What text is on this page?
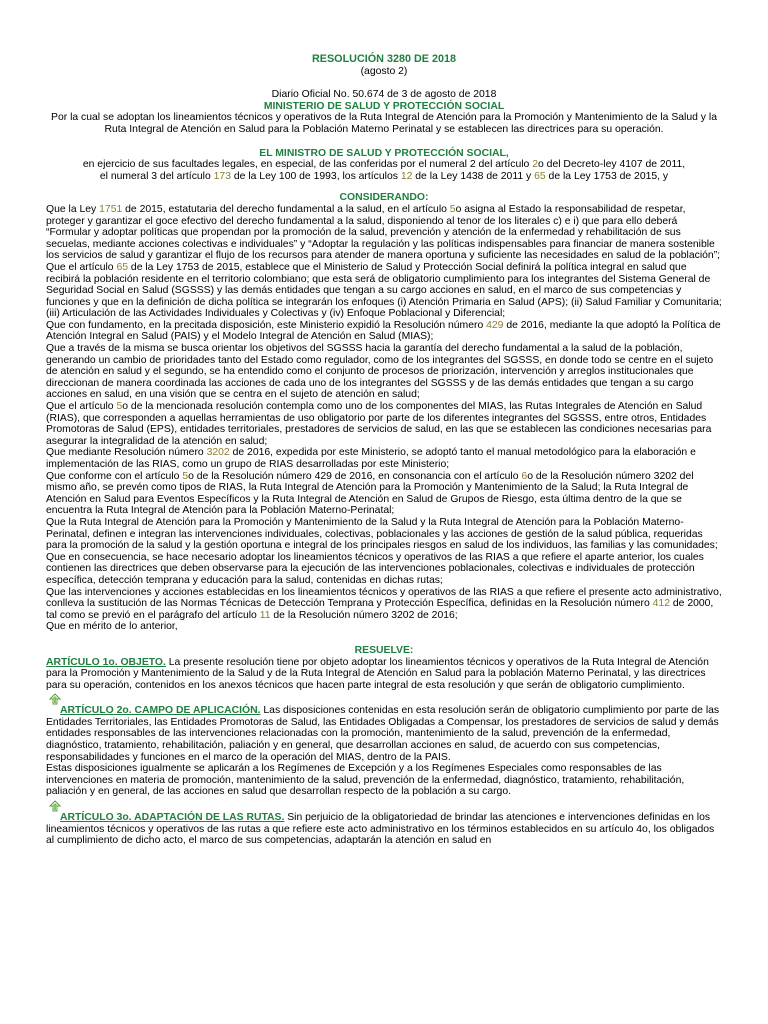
RESOLUCIÓN 3280 DE 2018
(agosto 2)
Diario Oficial No. 50.674 de 3 de agosto de 2018
MINISTERIO DE SALUD Y PROTECCIÓN SOCIAL

Por la cual se adoptan los lineamientos técnicos y operativos de la Ruta Integral de Atención para la Promoción y Mantenimiento de la Salud y la Ruta Integral de Atención en Salud para la Población Materno Perinatal y se establecen las directrices para su operación.

EL MINISTRO DE SALUD Y PROTECCIÓN SOCIAL,
en ejercicio de sus facultades legales, en especial, de las conferidas por el numeral 2 del artículo 2o del Decreto-ley 4107 de 2011,
el numeral 3 del artículo 173 de la Ley 100 de 1993, los artículos 12 de la Ley 1438 de 2011 y 65 de la Ley 1753 de 2015, y
CONSIDERANDO:

Que la Ley 1751 de 2015, estatutaria del derecho fundamental a la salud, en el artículo 5o asigna al Estado la responsabilidad de respetar, proteger y garantizar el goce efectivo del derecho fundamental a la salud, disponiendo al tenor de los literales c) e i) que para ello deberá “Formular y adoptar políticas que propendan por la promoción de la salud, prevención y atención de la enfermedad y rehabilitación de sus secuelas, mediante acciones colectivas e individuales” y “Adoptar la regulación y las políticas indispensables para financiar de manera sostenible los servicios de salud y garantizar el flujo de los recursos para atender de manera oportuna y suficiente las necesidades en salud de la población”;

Que el artículo 65 de la Ley 1753 de 2015, establece que el Ministerio de Salud y Protección Social definirá la política integral en salud que recibirá la población residente en el territorio colombiano; que esta será de obligatorio cumplimiento para los integrantes del Sistema General de Seguridad Social en Salud (SGSSS) y las demás entidades que tengan a su cargo acciones en salud, en el marco de sus competencias y funciones y que en la definición de dicha política se integrarán los enfoques (i) Atención Primaria en Salud (APS); (ii) Salud Familiar y Comunitaria; (iii) Articulación de las Actividades Individuales y Colectivas y (iv) Enfoque Poblacional y Diferencial;

Que con fundamento, en la precitada disposición, este Ministerio expidió la Resolución número 429 de 2016, mediante la que adoptó la Política de Atención Integral en Salud (PAIS) y el Modelo Integral de Atención en Salud (MIAS);

Que a través de la misma se busca orientar los objetivos del SGSSS hacia la garantía del derecho fundamental a la salud de la población, generando un cambio de prioridades tanto del Estado como regulador, como de los integrantes del SGSSS, en donde todo se centre en el sujeto de atención en salud y el segundo, se ha entendido como el conjunto de procesos de priorización, intervención y arreglos institucionales que direccionan de manera coordinada las acciones de cada uno de los integrantes del SGSSS y de las demás entidades que tengan a su cargo acciones en salud, en una visión que se centra en el sujeto de atención en salud;

Que el artículo 5o de la mencionada resolución contempla como uno de los componentes del MIAS, las Rutas Integrales de Atención en Salud (RIAS), que corresponden a aquellas herramientas de uso obligatorio por parte de los diferentes integrantes del SGSSS, entre otros, Entidades Promotoras de Salud (EPS), entidades territoriales, prestadores de servicios de salud, en las que se establecen las condiciones necesarias para asegurar la integralidad de la atención en salud;

Que mediante Resolución número 3202 de 2016, expedida por este Ministerio, se adoptó tanto el manual metodológico para la elaboración e implementación de las RIAS, como un grupo de RIAS desarrolladas por este Ministerio;

Que conforme con el artículo 5o de la Resolución número 429 de 2016, en consonancia con el artículo 6o de la Resolución número 3202 del mismo año, se prevén como tipos de RIAS, la Ruta Integral de Atención para la Promoción y Mantenimiento de la Salud; la Ruta Integral de Atención en Salud para Eventos Específicos y la Ruta Integral de Atención en Salud de Grupos de Riesgo, esta última dentro de la que se encuentra la Ruta Integral de Atención para la Población Materno-Perinatal;

Que la Ruta Integral de Atención para la Promoción y Mantenimiento de la Salud y la Ruta Integral de Atención para la Población Materno-Perinatal, definen e integran las intervenciones individuales, colectivas, poblacionales y las acciones de gestión de la salud pública, requeridas para la promoción de la salud y la gestión oportuna e integral de los principales riesgos en salud de los individuos, las familias y las comunidades;

Que en consecuencia, se hace necesario adoptar los lineamientos técnicos y operativos de las RIAS a que refiere el aparte anterior, los cuales contienen las directrices que deben observarse para la ejecución de las intervenciones poblacionales, colectivas e individuales de protección específica, detección temprana y educación para la salud, contenidas en dichas rutas;

Que las intervenciones y acciones establecidas en los lineamientos técnicos y operativos de las RIAS a que refiere el presente acto administrativo, conlleva la sustitución de las Normas Técnicas de Detección Temprana y Protección Específica, definidas en la Resolución número 412 de 2000, tal como se previó en el parágrafo del artículo 11 de la Resolución número 3202 de 2016;

Que en mérito de lo anterior,

RESUELVE:

ARTÍCULO 1o. OBJETO. La presente resolución tiene por objeto adoptar los lineamientos técnicos y operativos de la Ruta Integral de Atención para la Promoción y Mantenimiento de la Salud y de la Ruta Integral de Atención en Salud para la población Materno Perinatal, y las directrices para su operación, contenidos en los anexos técnicos que hacen parte integral de esta resolución y que serán de obligatorio cumplimiento.

ARTÍCULO 2o. CAMPO DE APLICACIÓN. Las disposiciones contenidas en esta resolución serán de obligatorio cumplimiento por parte de las Entidades Territoriales, las Entidades Promotoras de Salud, las Entidades Obligadas a Compensar, los prestadores de servicios de salud y demás entidades responsables de las intervenciones relacionadas con la promoción, mantenimiento de la salud, prevención de la enfermedad, diagnóstico, tratamiento, rehabilitación, paliación y en general, que desarrollan acciones en salud, de acuerdo con sus competencias, responsabilidades y funciones en el marco de la operación del MIAS, dentro de la PAIS.

Estas disposiciones igualmente se aplicarán a los Regímenes de Excepción y a los Regímenes Especiales como responsables de las intervenciones en materia de promoción, mantenimiento de la salud, prevención de la enfermedad, diagnóstico, tratamiento, rehabilitación, paliación y en general, de las acciones en salud que desarrollan respecto de la población a su cargo.

ARTÍCULO 3o. ADAPTACIÓN DE LAS RUTAS. Sin perjuicio de la obligatoriedad de brindar las atenciones e intervenciones definidas en los lineamientos técnicos y operativos de las rutas a que refiere este acto administrativo en los términos establecidos en su artículo 4o, los obligados al cumplimiento de dicho acto, el marco de sus competencias, adaptarán la atención en salud en
